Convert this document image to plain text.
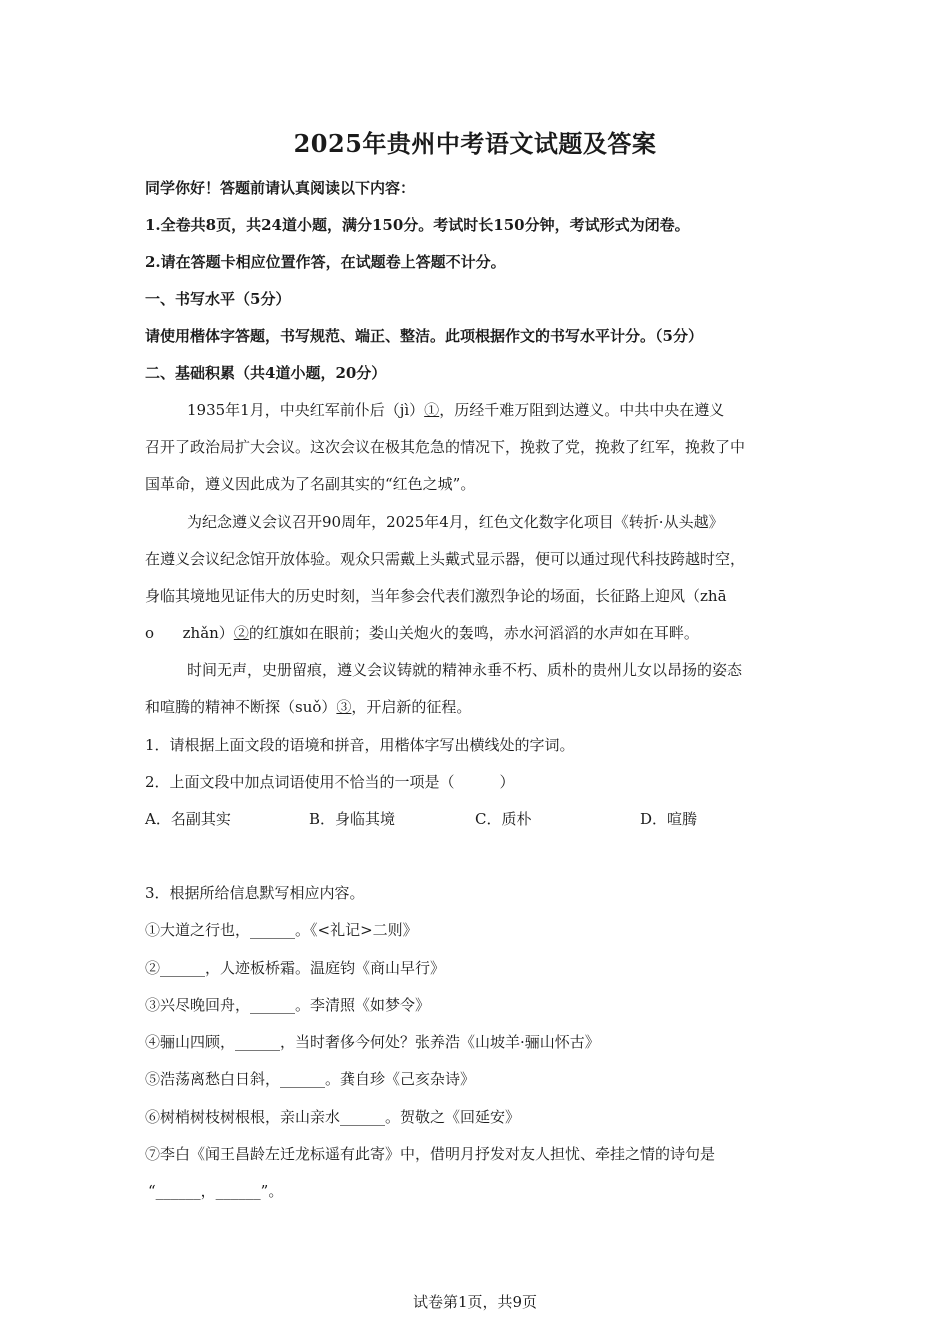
2025年贵州中考语文试题及答案
同学你好！答题前请认真阅读以下内容：
1.全卷共8页，共24道小题，满分150分。考试时长150分钟，考试形式为闭卷。
2.请在答题卡相应位置作答，在试题卷上答题不计分。
一、书写水平（5分）
请使用楷体字答题，书写规范、端正、整洁。此项根据作文的书写水平计分。（5分）
二、基础积累（共4道小题，20分）
1935年1月，中央红军前仆后（jì）①，历经千难万阻到达遵义。中共中央在遵义
召开了政治局扩大会议。这次会议在极其危急的情况下，挽救了党，挽救了红军，挽救了中
国革命，遵义因此成为了名副其实的“红色之城”。
为纪念遵义会议召开90周年，2025年4月，红色文化数字化项目《转折·从头越》
在遵义会议纪念馆开放体验。观众只需戴上头戴式显示器，便可以通过现代科技跨越时空，
身临其境地见证伟大的历史时刻，当年参会代表们激烈争论的场面，长征路上迎风（zhā
o      zhǎn）②的红旗如在眼前；娄山关炮火的轰鸣，赤水河滔滔的水声如在耳畔。
时间无声，史册留痕，遵义会议铸就的精神永垂不朽、质朴的贵州儿女以昂扬的姿态
和喧腾的精神不断探（suǒ）③，开启新的征程。
1．请根据上面文段的语境和拼音，用楷体字写出横线处的字词。
2．上面文段中加点词语使用不恰当的一项是（　　　）
A．名副其实	B．身临其境	C．质朴	D．喧腾
3．根据所给信息默写相应内容。
①大道之行也，______。《<礼记>二则》
②______，人迹板桥霜。温庭钧《商山早行》
③兴尽晚回舟，______。李清照《如梦令》
④骊山四顾，______，当时奢侈今何处？张养浩《山坡羊·骊山怀古》
⑤浩荡离愁白日斜，______。龚自珍《己亥杂诗》
⑥树梢树枝树根根，亲山亲水______。贺敬之《回延安》
⑦李白《闻王昌龄左迁龙标遥有此寄》中，借明月抒发对友人担忧、牵挂之情的诗句是
“______，______”。
试卷第1页，共9页
